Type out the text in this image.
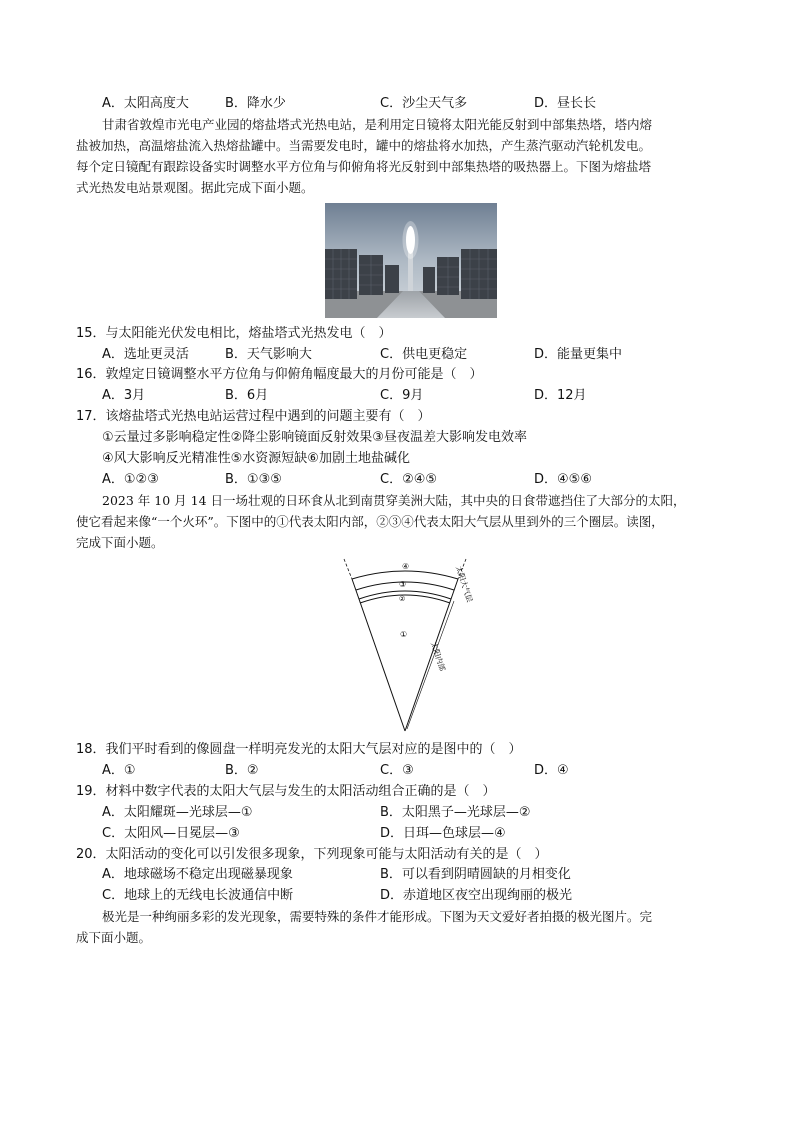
A．太阳高度大	B．降水少	C．沙尘天气多	D．昼长长
甘肃省敦煌市光电产业园的熔盐塔式光热电站，是利用定日镜将太阳光能反射到中部集热塔，塔内熔
盐被加热，高温熔盐流入热熔盐罐中。当需要发电时，罐中的熔盐将水加热，产生蒸汽驱动汽轮机发电。
每个定日镜配有跟踪设备实时调整水平方位角与仰俯角将光反射到中部集热塔的吸热器上。下图为熔盐塔
式光热发电站景观图。据此完成下面小题。
15．与太阳能光伏发电相比，熔盐塔式光热发电（　）
A．选址更灵活	B．天气影响大	C．供电更稳定	D．能量更集中
16．敦煌定日镜调整水平方位角与仰俯角幅度最大的月份可能是（　）
A．3月	B．6月	C．9月	D．12月
17．该熔盐塔式光热电站运营过程中遇到的问题主要有（　）
①云量过多影响稳定性②降尘影响镜面反射效果③昼夜温差大影响发电效率
④风大影响反光精准性⑤水资源短缺⑥加剧土地盐碱化
A．①②③	B．①③⑤	C．②④⑤	D．④⑤⑥
2023 年 10 月 14 日一场壮观的日环食从北到南贯穿美洲大陆，其中央的日食带遮挡住了大部分的太阳，
使它看起来像“一个火环”。下图中的①代表太阳内部，②③④代表太阳大气层从里到外的三个圈层。读图，
完成下面小题。
④
③
②
①
太阳大气层
太阳内部
18．我们平时看到的像圆盘一样明亮发光的太阳大气层对应的是图中的（　）
A．①	B．②	C．③	D．④
19．材料中数字代表的太阳大气层与发生的太阳活动组合正确的是（　）
A．太阳耀斑—光球层—①	B．太阳黑子—光球层—②
C．太阳风—日冕层—③	D．日珥—色球层—④
20．太阳活动的变化可以引发很多现象，下列现象可能与太阳活动有关的是（　）
A．地球磁场不稳定出现磁暴现象	B．可以看到阴晴圆缺的月相变化
C．地球上的无线电长波通信中断	D．赤道地区夜空出现绚丽的极光
极光是一种绚丽多彩的发光现象，需要特殊的条件才能形成。下图为天文爱好者拍摄的极光图片。完
成下面小题。
